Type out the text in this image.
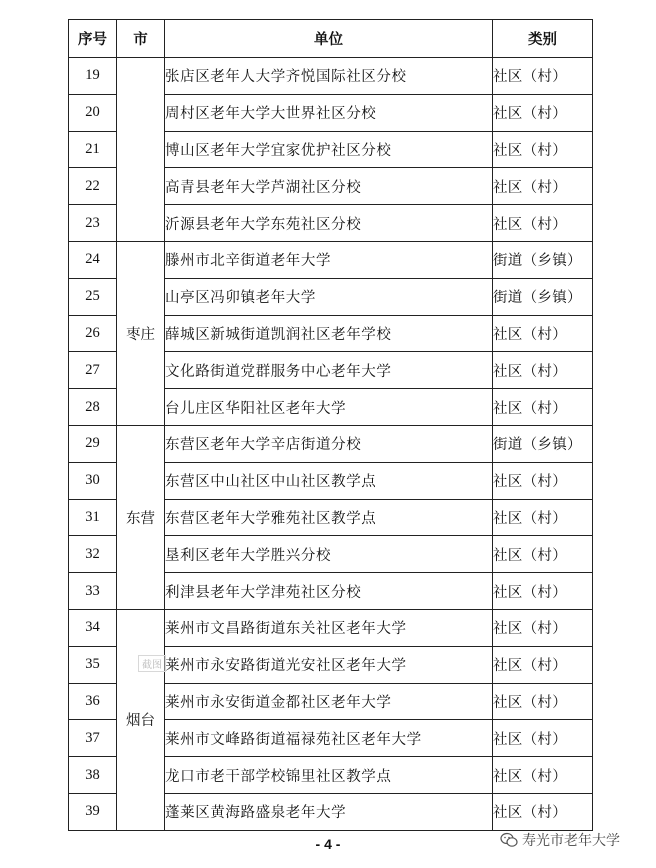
序号	市	单位	类别
19		张店区老年人大学齐悦国际社区分校	社区（村）
20		周村区老年大学大世界社区分校	社区（村）
21		博山区老年大学宜家优护社区分校	社区（村）
22		高青县老年大学芦湖社区分校	社区（村）
23		沂源县老年大学东苑社区分校	社区（村）
24	枣庄	滕州市北辛街道老年大学	街道（乡镇）
25		山亭区冯卯镇老年大学	街道（乡镇）
26		薛城区新城街道凯润社区老年学校	社区（村）
27		文化路街道党群服务中心老年大学	社区（村）
28		台儿庄区华阳社区老年大学	社区（村）
29	东营	东营区老年大学辛店街道分校	街道（乡镇）
30		东营区中山社区中山社区教学点	社区（村）
31		东营区老年大学雅苑社区教学点	社区（村）
32		垦利区老年大学胜兴分校	社区（村）
33		利津县老年大学津苑社区分校	社区（村）
34	烟台	莱州市文昌路街道东关社区老年大学	社区（村）
35		莱州市永安路街道光安社区老年大学	社区（村）
36		莱州市永安街道金都社区老年大学	社区（村）
37		莱州市文峰路街道福禄苑社区老年大学	社区（村）
38		龙口市老干部学校锦里社区教学点	社区（村）
39		蓬莱区黄海路盛泉老年大学	社区（村）
截图
- 4 -	寿光市老年大学
